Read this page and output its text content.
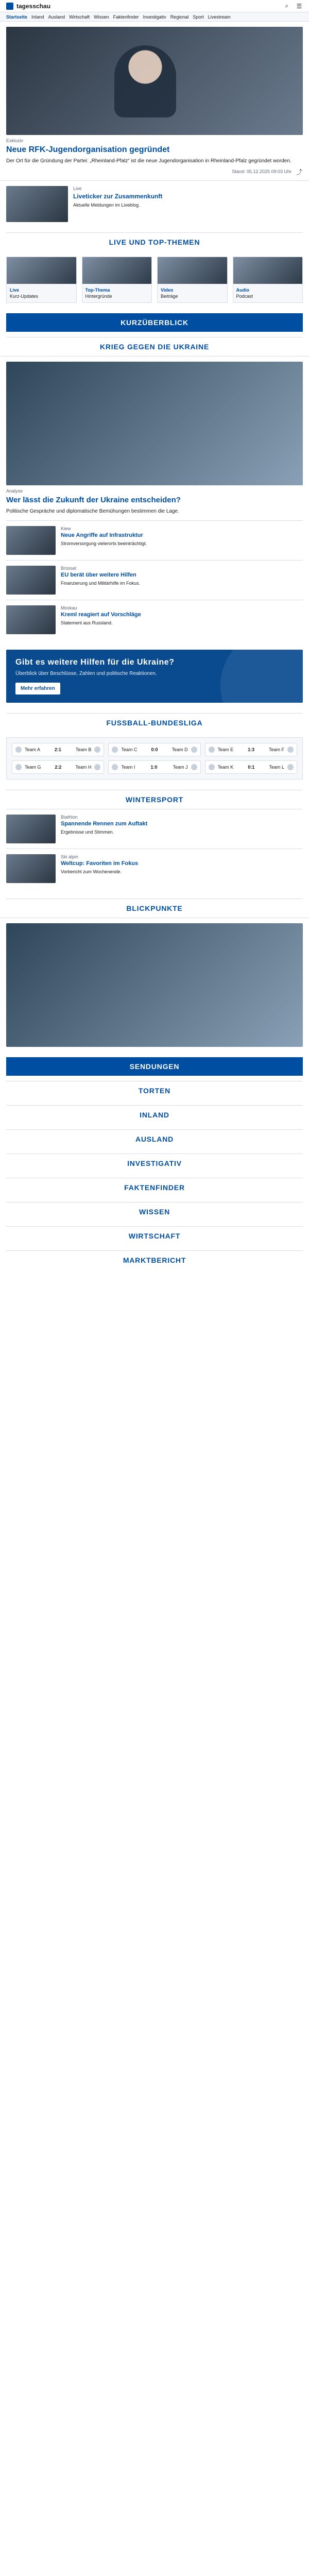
tagesschau	⌕	☰
Startseite Inland Ausland Wirtschaft Wissen Faktenfinder Investigativ Regional Sport Livestream
Exklusiv
Neue RFK-Jugendorganisation gegründet
Der Ort für die Gründung der Partei: „Rheinland-Pfalz“ ist die neue Jugendorganisation in Rheinland-Pfalz gegründet worden.
Stand: 05.12.2025 09:03 Uhr ⤴
Live
Liveticker zur Zusammenkunft
Aktuelle Meldungen im Liveblog.
LIVE UND TOP-THEMEN
Live
Kurz-Updates
Top-Thema
Hintergründe
Video
Beiträge
Audio
Podcast
KURZÜBERBLICK
KRIEG GEGEN DIE UKRAINE
Analyse
Wer lässt die Zukunft der Ukraine entscheiden?
Politische Gespräche und diplomatische Bemühungen bestimmen die Lage.
Kiew
Neue Angriffe auf Infrastruktur
Stromversorgung vielerorts beeinträchtigt.
Brüssel
EU berät über weitere Hilfen
Finanzierung und Militärhilfe im Fokus.
Moskau
Kreml reagiert auf Vorschläge
Statement aus Russland.
Gibt es weitere Hilfen für die Ukraine?
Überblick über Beschlüsse, Zahlen und politische Reaktionen.
Mehr erfahren
FUSSBALL-BUNDESLIGA
Team A	2:1	Team B	Team C	0:0	Team D	Team E	1:3	Team F
Team G	2:2	Team H	Team I	1:0	Team J	Team K	0:1	Team L
WINTERSPORT
Biathlon
Spannende Rennen zum Auftakt
Ergebnisse und Stimmen.
Ski alpin
Weltcup: Favoriten im Fokus
Vorbericht zum Wochenende.
BLICKPUNKTE
SENDUNGEN
TORTEN
INLAND
AUSLAND
INVESTIGATIV
FAKTENFINDER
WISSEN
WIRTSCHAFT
MARKTBERICHT
